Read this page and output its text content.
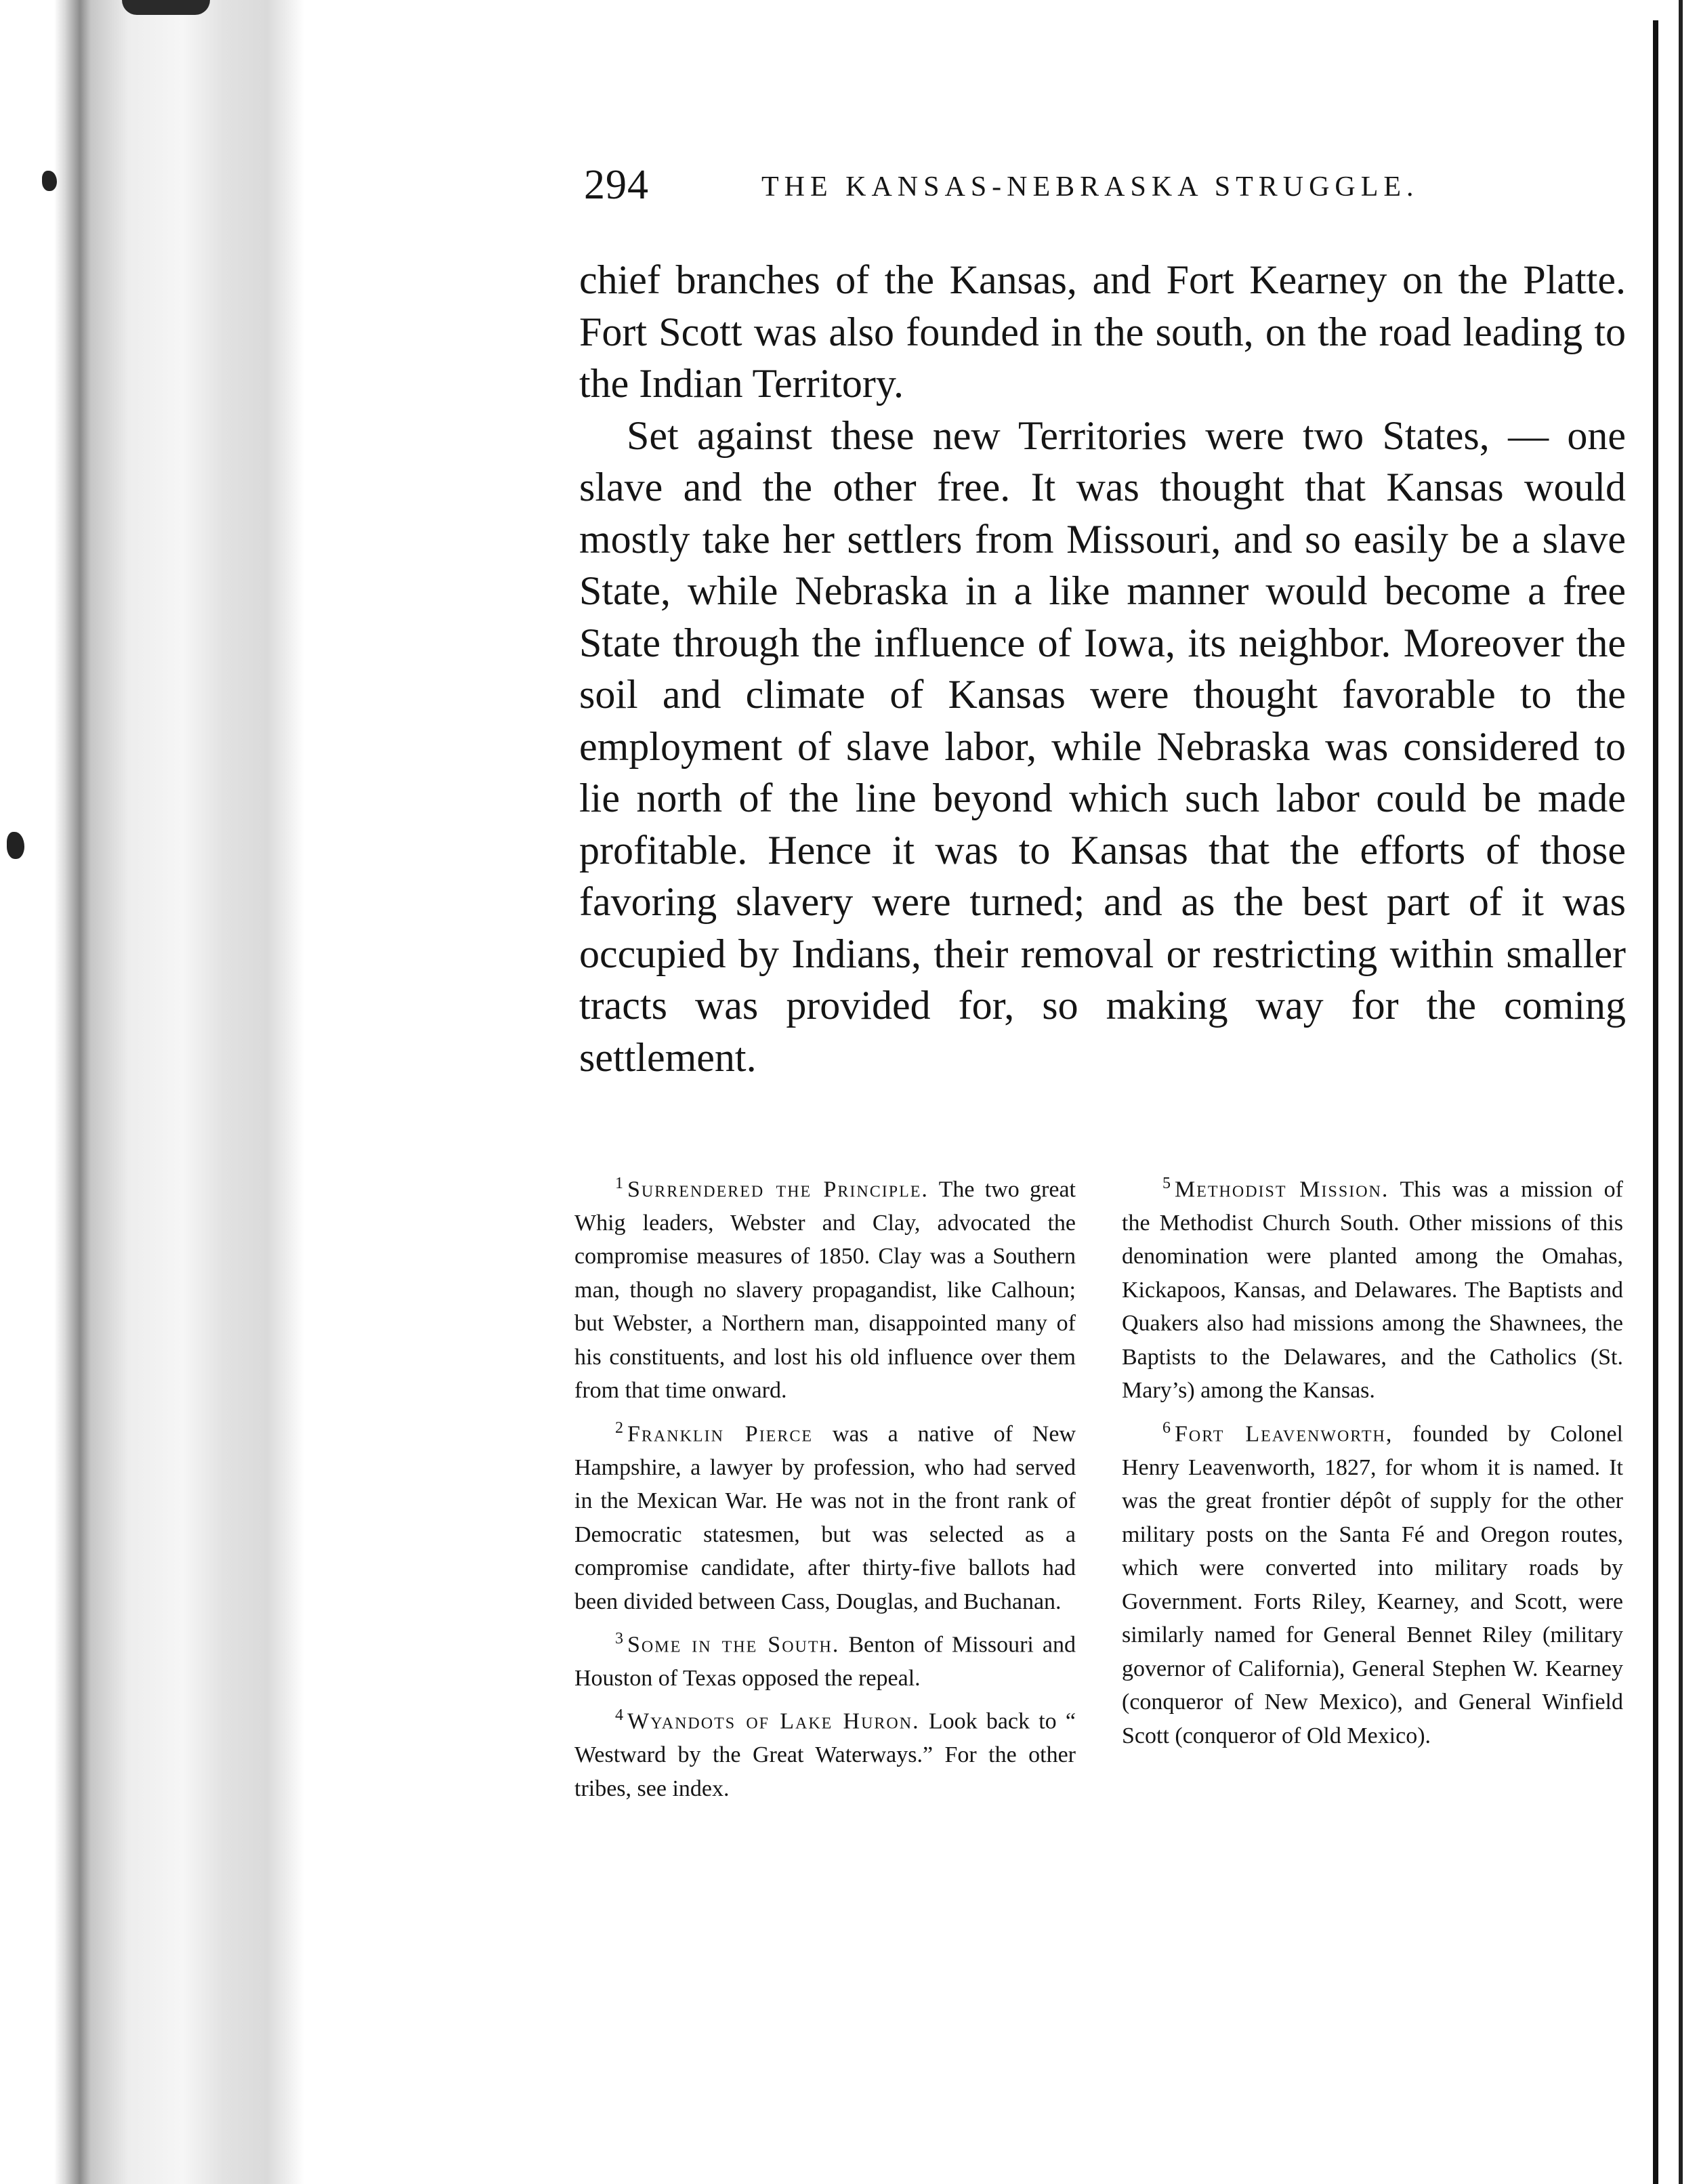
294	THE KANSAS-NEBRASKA STRUGGLE.

chief branches of the Kansas, and Fort Kearney on the Platte. Fort Scott was also founded in the south, on the road leading to the Indian Territory.

Set against these new Territories were two States, — one slave and the other free. It was thought that Kansas would mostly take her settlers from Missouri, and so easily be a slave State, while Nebraska in a like manner would become a free State through the influence of Iowa, its neighbor. Moreover the soil and climate of Kansas were thought favorable to the employment of slave labor, while Nebraska was considered to lie north of the line beyond which such labor could be made profitable. Hence it was to Kansas that the efforts of those favoring slavery were turned; and as the best part of it was occupied by Indians, their removal or restricting within smaller tracts was provided for, so making way for the coming settlement.

$^1$ Surrendered the Principle. The two great Whig leaders, Webster and Clay, advocated the compromise measures of 1850. Clay was a Southern man, though no slavery propagandist, like Calhoun; but Webster, a Northern man, disappointed many of his constituents, and lost his old influence over them from that time onward.

$^2$ Franklin Pierce was a native of New Hampshire, a lawyer by profession, who had served in the Mexican War. He was not in the front rank of Democratic statesmen, but was selected as a compromise candidate, after thirty-five ballots had been divided between Cass, Douglas, and Buchanan.

$^3$ Some in the South. Benton of Missouri and Houston of Texas opposed the repeal.

$^4$ Wyandots of Lake Huron. Look back to “ Westward by the Great Waterways.” For the other tribes, see index.

$^5$ Methodist Mission. This was a mission of the Methodist Church South. Other missions of this denomination were planted among the Omahas, Kickapoos, Kansas, and Delawares. The Baptists and Quakers also had missions among the Shawnees, the Baptists to the Delawares, and the Catholics (St. Mary’s) among the Kansas.

$^6$ Fort Leavenworth, founded by Colonel Henry Leavenworth, 1827, for whom it is named. It was the great frontier dépôt of supply for the other military posts on the Santa Fé and Oregon routes, which were converted into military roads by Government. Forts Riley, Kearney, and Scott, were similarly named for General Bennet Riley (military governor of California), General Stephen W. Kearney (conqueror of New Mexico), and General Winfield Scott (conqueror of Old Mexico).
